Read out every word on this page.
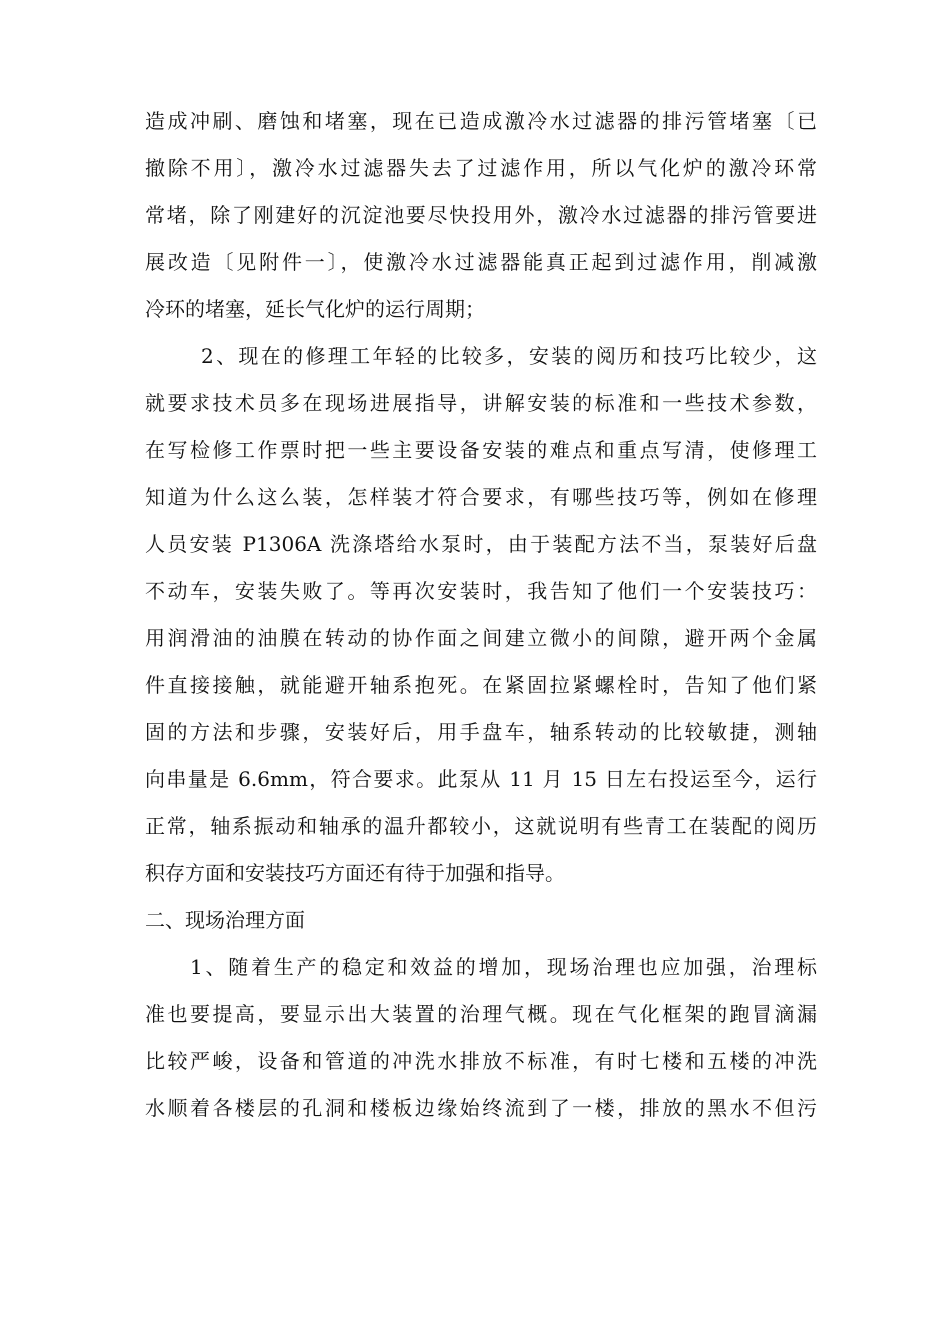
造成冲刷、磨蚀和堵塞，现在已造成激冷水过滤器的排污管堵塞〔已
撤除不用〕，激冷水过滤器失去了过滤作用，所以气化炉的激冷环常
常堵，除了刚建好的沉淀池要尽快投用外，激冷水过滤器的排污管要进
展改造〔见附件一〕，使激冷水过滤器能真正起到过滤作用，削减激
冷环的堵塞，延长气化炉的运行周期；
2、现在的修理工年轻的比较多，安装的阅历和技巧比较少，这
就要求技术员多在现场进展指导，讲解安装的标准和一些技术参数，
在写检修工作票时把一些主要设备安装的难点和重点写清，使修理工
知道为什么这么装，怎样装才符合要求，有哪些技巧等，例如在修理
人员安装 P1306A 洗涤塔给水泵时，由于装配方法不当，泵装好后盘
不动车，安装失败了。等再次安装时，我告知了他们一个安装技巧：
用润滑油的油膜在转动的协作面之间建立微小的间隙，避开两个金属
件直接接触，就能避开轴系抱死。在紧固拉紧螺栓时，告知了他们紧
固的方法和步骤，安装好后，用手盘车，轴系转动的比较敏捷，测轴
向串量是 6.6mm，符合要求。此泵从 11 月 15 日左右投运至今，运行
正常，轴系振动和轴承的温升都较小，这就说明有些青工在装配的阅历
积存方面和安装技巧方面还有待于加强和指导。
二、现场治理方面
1、随着生产的稳定和效益的增加，现场治理也应加强，治理标
准也要提高，要显示出大装置的治理气概。现在气化框架的跑冒滴漏
比较严峻，设备和管道的冲洗水排放不标准，有时七楼和五楼的冲洗
水顺着各楼层的孔洞和楼板边缘始终流到了一楼，排放的黑水不但污
